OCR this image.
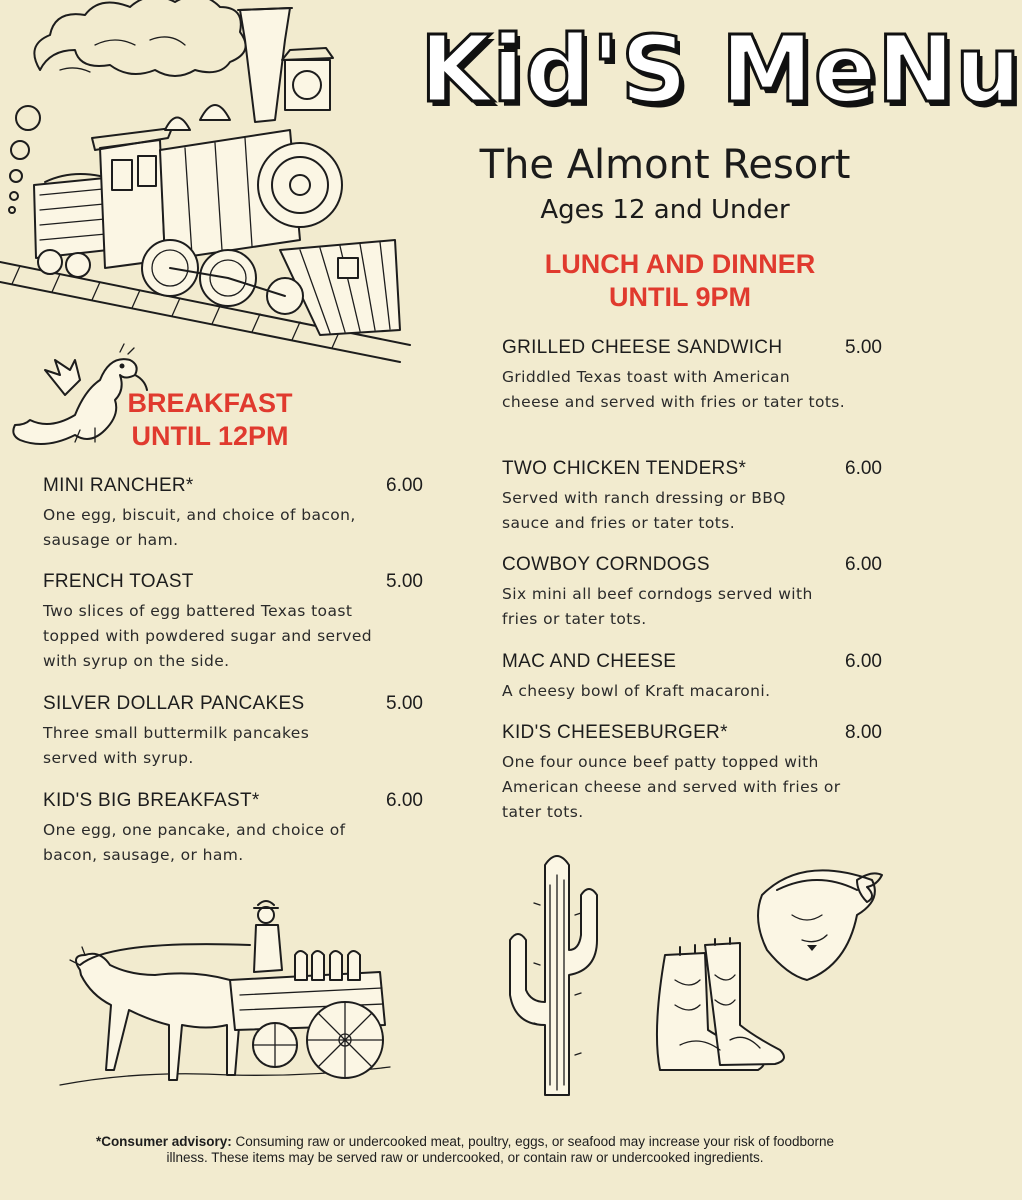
Kid'S MeNu
The Almont Resort
Ages 12 and Under
BREAKFAST
UNTIL 12PM
LUNCH AND DINNER
UNTIL 9PM
MINI RANCHER*	6.00
One egg, biscuit, and choice of bacon, sausage or ham.
FRENCH TOAST	5.00
Two slices of egg battered Texas toast topped with powdered sugar and served with syrup on the side.
SILVER DOLLAR PANCAKES	5.00
Three small buttermilk pancakes served with syrup.
KID'S BIG BREAKFAST*	6.00
One egg, one pancake, and choice of bacon, sausage, or ham.
GRILLED CHEESE SANDWICH	5.00
Griddled Texas toast with American cheese and served with fries or tater tots.
TWO CHICKEN TENDERS*	6.00
Served with ranch dressing or BBQ sauce and fries or tater tots.
COWBOY CORNDOGS	6.00
Six mini all beef corndogs served with fries or tater tots.
MAC AND CHEESE	6.00
A cheesy bowl of Kraft macaroni.
KID'S CHEESEBURGER*	8.00
One four ounce beef patty topped with American cheese and served with fries or tater tots.
*Consumer advisory: Consuming raw or undercooked meat, poultry, eggs, or seafood may increase your risk of foodborne illness. These items may be served raw or undercooked, or contain raw or undercooked ingredients.
